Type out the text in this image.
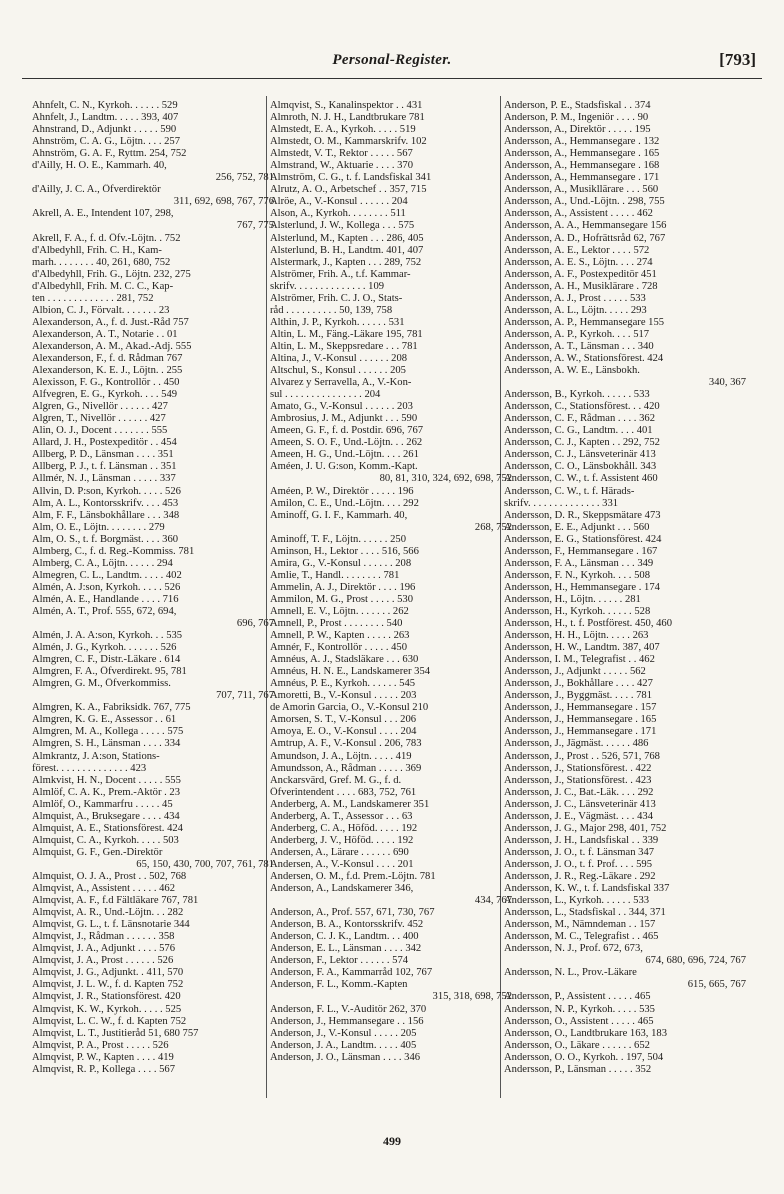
Personal-Register.	[793]
Ahnfelt, C. N., Kyrkoh. . . . . . 529
Ahnfelt, J., Landtm. . . . . 393, 407
Ahnstrand, D., Adjunkt . . . . . 590
Ahnström, C. A. G., Löjtn. . . . 257
Ahnström, G. A. F., Ryttm. 254, 752
d'Ailly, H. O. E., Kammarh. 40,
256, 752, 781
d'Ailly, J. C. A., Öfverdirektör
311, 692, 698, 767, 776
Akrell, A. E., Intendent 107, 298,
767, 775
Akrell, F. A., f. d. Öfv.-Löjtn. . 752
d'Albedyhll, Frih. C. H., Kam-
marh. . . . . . . . 40, 261, 680, 752
d'Albedyhll, Frih. G., Löjtn. 232, 275
d'Albedyhll, Frih. M. C. C., Kap-
ten . . . . . . . . . . . . . 281, 752
Albion, C. J., Förvalt. . . . . . . 23
Alexanderson, A., f. d. Just.-Råd 757
Alexanderson, A. T., Notarie . . 01
Alexanderson, A. M., Akad.-Adj. 555
Alexanderson, F., f. d. Rådman 767
Alexanderson, K. E. J., Löjtn. . 255
Alexisson, F. G., Kontrollör . . 450
Alfvegren, E. G., Kyrkoh. . . . 549
Algren, G., Nivellör . . . . . . 427
Algren, T., Nivellör . . . . . . 427
Alin, O. J., Docent . . . . . . . 555
Allard, J. H., Postexpeditör . . 454
Allberg, P. D., Länsman . . . . 351
Allberg, P. J., t. f. Länsman . . 351
Allmér, N. J., Länsman . . . . . 337
Allvin, D. P:son, Kyrkoh. . . . . 526
Alm, A. L., Kontorsskrifv. . . . 453
Alm, F. F., Länsbokhållare . . . 348
Alm, O. E., Löjtn. . . . . . . . 279
Alm, O. S., t. f. Borgmäst. . . . 360
Almberg, C., f. d. Reg.-Kommiss. 781
Almberg, C. A., Löjtn. . . . . . 294
Almegren, C. L., Landtm. . . . . 402
Almén, A. J:son, Kyrkoh. . . . . 526
Almén, A. E., Handlande . . . . 716
Almén, A. T., Prof. 555, 672, 694,
696, 767
Almén, J. A. A:son, Kyrkoh. . . 535
Almén, J. G., Kyrkoh. . . . . . . 526
Almgren, C. F., Distr.-Läkare . 614
Almgren, F. A., Öfverdirekt. 95, 781
Almgren, G. M., Öfverkommiss.
707, 711, 767
Almgren, K. A., Fabriksidk. 767, 775
Almgren, K. G. E., Assessor . . 61
Almgren, M. A., Kollega . . . . . 575
Almgren, S. H., Länsman . . . . 334
Almkrantz, J. A:son, Stations-
förest. . . . . . . . . . . . . . 423
Almkvist, H. N., Docent . . . . . 555
Almlöf, C. A. K., Prem.-Aktör . 23
Almlöf, O., Kammarfru . . . . . 45
Almquist, A., Bruksegare . . . . 434
Almquist, A. E., Stationsförest. 424
Almquist, C. A., Kyrkoh. . . . . 503
Almquist, G. F., Gen.-Direktör
65, 150, 430, 700, 707, 761, 781
Almquist, O. J. A., Prost . . 502, 768
Almqvist, A., Assistent . . . . . 462
Almqvist, A. F., f.d Fältläkare 767, 781
Almqvist, A. R., Und.-Löjtn. . . 282
Almqvist, G. L., t. f. Länsnotarie 344
Almqvist, J., Rådman . . . . . . 358
Almqvist, J. A., Adjunkt . . . . 576
Almqvist, J. A., Prost . . . . . . 526
Almqvist, J. G., Adjunkt. . 411, 570
Almqvist, J. L. W., f. d. Kapten 752
Almqvist, J. R., Stationsförest. 420
Almqvist, K. W., Kyrkoh. . . . . 525
Almqvist, L. C. W., f. d. Kapten 752
Almqvist, L. T., Justitieråd 51, 680 757
Almqvist, P. A., Prost . . . . . 526
Almqvist, P. W., Kapten . . . . 419
Almqvist, R. P., Kollega . . . . 567
Almqvist, S., Kanalinspektor . . 431
Almroth, N. J. H., Landtbrukare 781
Almstedt, E. A., Kyrkoh. . . . . 519
Almstedt, O. M., Kammarskrifv. 102
Almstedt, V. T., Rektor . . . . . 567
Almstrand, W., Aktuarie . . . . 370
Almström, C. G., t. f. Landsfiskal 341
Alrutz, A. O., Arbetschef . . 357, 715
Alröe, A., V.-Konsul . . . . . . 204
Alson, A., Kyrkoh. . . . . . . . 511
Alsterlund, J. W., Kollega . . . 575
Alsterlund, M., Kapten . . . 286, 405
Alsterlund, B. H., Landtm. 401, 407
Alstermark, J., Kapten . . . 289, 752
Alströmer, Frih. A., t.f. Kammar-
skrifv. . . . . . . . . . . . . . 109
Alströmer, Frih. C. J. O., Stats-
råd . . . . . . . . . . 50, 139, 758
Althin, J. P., Kyrkoh. . . . . . 531
Altin, L. M., Fäng.-Läkare 195, 781
Altin, L. M., Skeppsredare . . . 781
Altina, J., V.-Konsul . . . . . . 208
Altschul, S., Konsul . . . . . . 205
Alvarez y Serravella, A., V.-Kon-
sul . . . . . . . . . . . . . . . 204
Amato, G., V.-Konsul . . . . . . 203
Ambrosius, J. M., Adjunkt . . . 590
Ameen, G. F., f. d. Postdir. 696, 767
Ameen, S. O. F., Und.-Löjtn. . . 262
Ameen, H. G., Und.-Löjtn. . . . 261
Améen, J. U. G:son, Komm.-Kapt.
80, 81, 310, 324, 692, 698, 752
Améen, P. W., Direktör . . . . . 196
Amilon, C. E., Und.-Löjtn. . . . 292
Aminoff, G. I. F., Kammarh. 40,
268, 752
Aminoff, T. F., Löjtn. . . . . . 250
Aminson, H., Lektor . . . . 516, 566
Amira, G., V.-Konsul . . . . . . 208
Amlie, T., Handl. . . . . . . . 781
Ammelin, A. J., Direktör . . . . 196
Ammilon, M. G., Prost . . . . . 530
Amnell, E. V., Löjtn. . . . . . . 262
Amnell, P., Prost . . . . . . . . 540
Amnell, P. W., Kapten . . . . . 263
Amnér, F., Kontrollör . . . . . 450
Amnéus, A. J., Stadsläkare . . . 630
Amnéus, H. N. E., Landskamerer 354
Amnéus, P. E., Kyrkoh. . . . . . 545
Amoretti, B., V.-Konsul . . . . . 203
de Amorin Garcia, O., V.-Konsul 210
Amorsen, S. T., V.-Konsul . . . 206
Amoya, E. O., V.-Konsul . . . . 204
Amtrup, A. F., V.-Konsul . 206, 783
Amundson, J. A., Löjtn. . . . . 419
Amundsson, A., Rådman . . . . . 369
Anckarsvärd, Gref. M. G., f. d.
Öfverintendent . . . . 683, 752, 761
Anderberg, A. M., Landskamerer 351
Anderberg, A. T., Assessor . . . 63
Anderberg, C. A., Höföd. . . . . 192
Anderberg, J. V., Höföd. . . . . 192
Andersen, A., Lärare . . . . . . 690
Andersen, A., V.-Konsul . . . . 201
Andersen, O. M., f.d. Prem.-Löjtn. 781
Anderson, A., Landskamerer 346,
434, 767
Anderson, A., Prof. 557, 671, 730, 767
Anderson, B. A., Kontorsskrifv. 452
Anderson, C. J. K., Landtm. . . 400
Anderson, E. L., Länsman . . . . 342
Anderson, F., Lektor . . . . . . 574
Anderson, F. A., Kammarråd 102, 767
Anderson, F. L., Komm.-Kapten
315, 318, 698, 752
Anderson, F. L., V.-Auditör 262, 370
Anderson, J., Hemmansegare . . 156
Anderson, J., V.-Konsul . . . . . 205
Anderson, J. A., Landtm. . . . . 405
Anderson, J. O., Länsman . . . . 346
Anderson, P. E., Stadsfiskal . . 374
Anderson, P. M., Ingeniör . . . . 90
Andersson, A., Direktör . . . . . 195
Andersson, A., Hemmansegare . 132
Andersson, A., Hemmansegare . 165
Andersson, A., Hemmansegare . 168
Andersson, A., Hemmansegare . 171
Andersson, A., Musikllärare . . . 560
Andersson, A., Und.-Löjtn. . 298, 755
Andersson, A., Assistent . . . . . 462
Andersson, A. A., Hemmansegare 156
Andersson, A. D., Hofrättsråd 62, 767
Andersson, A. E., Lektor . . . . 572
Andersson, A. E. S., Löjtn. . . . 274
Andersson, A. F., Postexpeditör 451
Andersson, A. H., Musiklärare . 728
Andersson, A. J., Prost . . . . . 533
Andersson, A. L., Löjtn. . . . . 293
Andersson, A. P., Hemmansegare 155
Andersson, A. P., Kyrkoh. . . . 517
Andersson, A. T., Länsman . . . 340
Andersson, A. W., Stationsförest. 424
Andersson, A. W. E., Länsbokh.
340, 367
Andersson, B., Kyrkoh. . . . . . 533
Andersson, C., Stationsförest. . . 420
Andersson, C. F., Rådman . . . . 362
Andersson, C. G., Landtm. . . . 401
Andersson, C. J., Kapten . . 292, 752
Andersson, C. J., Länsveterinär 413
Andersson, C. O., Länsbokhåll. 343
Andersson, C. W., t. f. Assistent 460
Andersson, C. W., t. f. Härads-
skrifv. . . . . . . . . . . . . . 331
Andersson, D. R., Skeppsmätare 473
Andersson, E. E., Adjunkt . . . 560
Andersson, E. G., Stationsförest. 424
Andersson, F., Hemmansegare . 167
Andersson, F. A., Länsman . . . 349
Andersson, F. N., Kyrkoh. . . . 508
Andersson, H., Hemmansegare . 174
Andersson, H., Löjtn. . . . . . 281
Andersson, H., Kyrkoh. . . . . . 528
Andersson, H., t. f. Postförest. 450, 460
Andersson, H. H., Löjtn. . . . . 263
Andersson, H. W., Landtm. 387, 407
Andersson, I. M., Telegrafist . . 462
Andersson, J., Adjunkt . . . . . 562
Andersson, J., Bokhållare . . . . 427
Andersson, J., Byggmäst. . . . . 781
Andersson, J., Hemmansegare . 157
Andersson, J., Hemmansegare . 165
Andersson, J., Hemmansegare . 171
Andersson, J., Jägmäst. . . . . . 486
Andersson, J., Prost . . 526, 571, 768
Andersson, J., Stationsförest. . 422
Andersson, J., Stationsförest. . 423
Andersson, J. C., Bat.-Läk. . . . 292
Andersson, J. C., Länsveterinär 413
Andersson, J. E., Vägmäst. . . . 434
Andersson, J. G., Major 298, 401, 752
Andersson, J. H., Landsfiskal . . 339
Andersson, J. O., t. f. Länsman 347
Andersson, J. O., t. f. Prof. . . . 595
Andersson, J. R., Reg.-Läkare . 292
Andersson, K. W., t. f. Landsfiskal 337
Andersson, L., Kyrkoh. . . . . . 533
Andersson, L., Stadsfiskal . . 344, 371
Andersson, M., Nämndeman . . 157
Andersson, M. C., Telegrafist . . 465
Andersson, N. J., Prof. 672, 673,
674, 680, 696, 724, 767
Andersson, N. L., Prov.-Läkare
615, 665, 767
Andersson, P., Assistent . . . . . 465
Andersson, N. P., Kyrkoh. . . . . 535
Andersson, O., Assistent . . . . . 465
Andersson, O., Landtbrukare 163, 183
Andersson, O., Läkare . . . . . . 652
Andersson, O. O., Kyrkoh. . 197, 504
Andersson, P., Länsman . . . . . 352
499
